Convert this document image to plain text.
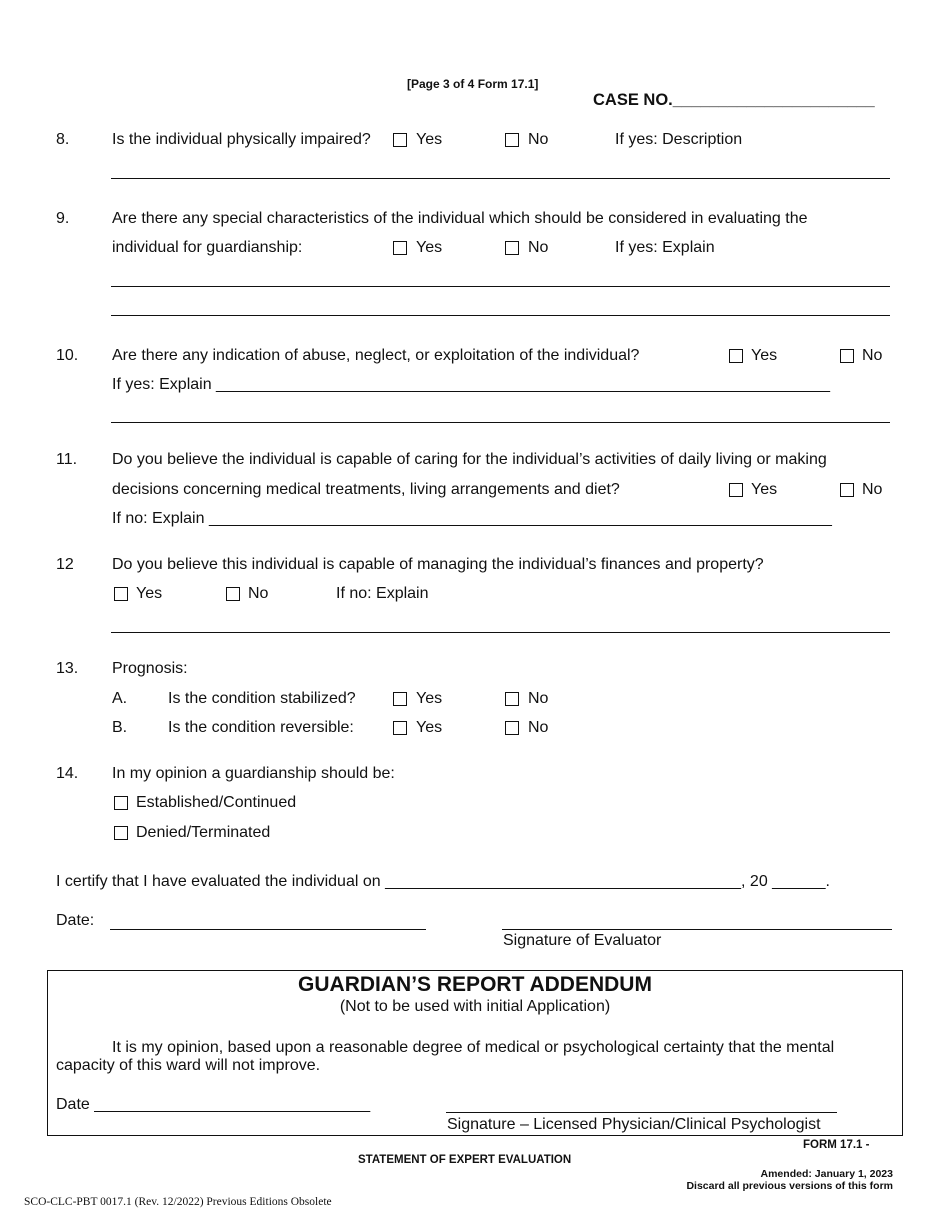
[Page 3 of 4 Form 17.1]
CASE NO.______________________
8.	Is the individual physically impaired?	Yes	No	If yes: Description
9.	Are there any special characteristics of the individual which should be considered in evaluating the
individual for guardianship:	Yes	No	If yes: Explain
10. Are there any indication of abuse, neglect, or exploitation of the individual?	Yes	No
If yes: Explain _____________________________________________________________________
11. Do you believe the individual is capable of caring for the individual’s activities of daily living or making
decisions concerning medical treatments, living arrangements and diet?	Yes	No
If no: Explain ______________________________________________________________________
12 Do you believe this individual is capable of managing the individual’s finances and property?
Yes	No	If no: Explain
13. Prognosis:
A.	Is the condition stabilized?	Yes	No
B.	Is the condition reversible:	Yes	No
14. In my opinion a guardianship should be:
Established/Continued
Denied/Terminated
I certify that I have evaluated the individual on ________________________________________, 20 ______.
Date:
Signature of Evaluator
GUARDIAN’S REPORT ADDENDUM
(Not to be used with initial Application)
It is my opinion, based upon a reasonable degree of medical or psychological certainty that the mental
capacity of this ward will not improve.
Date _______________________________
Signature – Licensed Physician/Clinical Psychologist
FORM 17.1 -
STATEMENT OF EXPERT EVALUATION
Amended: January 1, 2023
Discard all previous versions of this form
SCO-CLC-PBT 0017.1 (Rev. 12/2022) Previous Editions Obsolete
